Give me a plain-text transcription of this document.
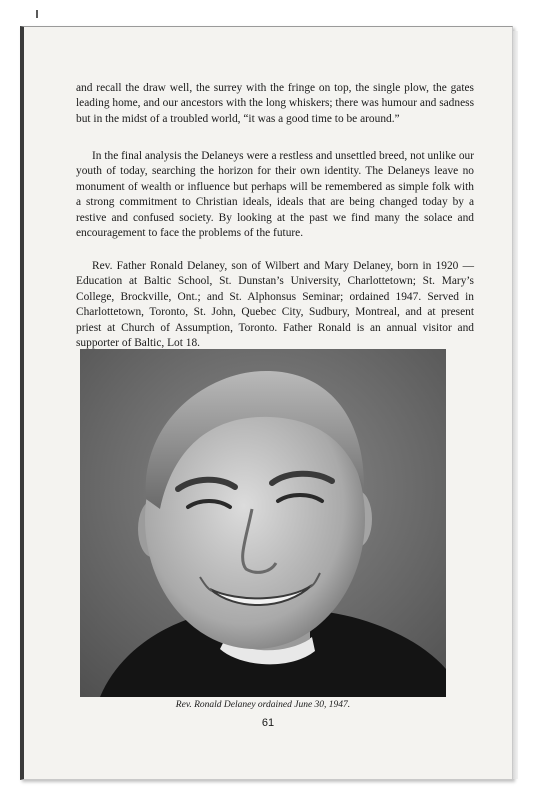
and recall the draw well, the surrey with the fringe on top, the single plow, the gates leading home, and our ancestors with the long whiskers; there was humour and sadness but in the midst of a troubled world, “it was a good time to be around.”

In the final analysis the Delaneys were a restless and unsettled breed, not unlike our youth of today, searching the horizon for their own identity. The Delaneys leave no monument of wealth or influence but perhaps will be remembered as simple folk with a strong commitment to Christian ideals, ideals that are being changed today by a restive and confused society. By looking at the past we find many the solace and encouragement to face the problems of the future.

Rev. Father Ronald Delaney, son of Wilbert and Mary Delaney, born in 1920 — Education at Baltic School, St. Dunstan’s University, Charlottetown; St. Mary’s College, Brockville, Ont.; and St. Alphonsus Seminar; ordained 1947. Served in Charlottetown, Toronto, St. John, Quebec City, Sudbury, Montreal, and at present priest at Church of Assumption, Toronto. Father Ronald is an annual visitor and supporter of Baltic, Lot 18.

Rev. Ronald Delaney ordained June 30, 1947.
61
